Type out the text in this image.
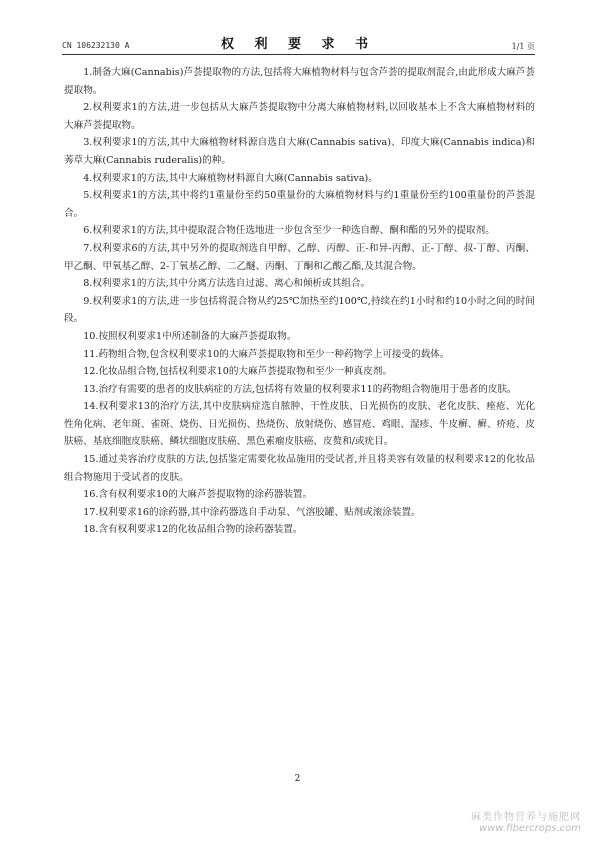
CN 106232130 A	权 利 要 求 书	1/1 页

1.制备大麻(Cannabis)芦荟提取物的方法,包括将大麻植物材料与包含芦荟的提取剂混合,由此形成大麻芦荟提取物。

2.权利要求1的方法,进一步包括从大麻芦荟提取物中分离大麻植物材料,以回收基本上不含大麻植物材料的大麻芦荟提取物。

3.权利要求1的方法,其中大麻植物材料源自选自大麻(Cannabis sativa)、印度大麻(Cannabis indica)和莠草大麻(Cannabis ruderalis)的种。

4.权利要求1的方法,其中大麻植物材料源自大麻(Cannabis sativa)。

5.权利要求1的方法,其中将约1重量份至约50重量份的大麻植物材料与约1重量份至约100重量份的芦荟混合。

6.权利要求1的方法,其中提取混合物任选地进一步包含至少一种选自醇、酮和酯的另外的提取剂。

7.权利要求6的方法,其中另外的提取剂选自甲醇、乙醇、丙醇、正-和异-丙醇、正-丁醇、叔-丁醇、丙酮、甲乙酮、甲氧基乙醇、2-丁氧基乙醇、二乙醚、丙酮、丁酮和乙酸乙酯,及其混合物。

8.权利要求1的方法,其中分离方法选自过滤、离心和倾析或其组合。

9.权利要求1的方法,进一步包括将混合物从约25℃加热至约100℃,持续在约1小时和约10小时之间的时间段。

10.按照权利要求1中所述制备的大麻芦荟提取物。

11.药物组合物,包含权利要求10的大麻芦荟提取物和至少一种药物学上可接受的载体。

12.化妆品组合物,包括权利要求10的大麻芦荟提取物和至少一种真皮剂。

13.治疗有需要的患者的皮肤病症的方法,包括将有效量的权利要求11的药物组合物施用于患者的皮肤。

14.权利要求13的治疗方法,其中皮肤病症选自脓肿、干性皮肤、日光损伤的皮肤、老化皮肤、痤疮、光化性角化病、老年斑、雀斑、烧伤、日光损伤、热烧伤、放射烧伤、感冒疮、鸡眼、湿疹、牛皮癣、癣、疥疮、皮肤癌、基底细胞皮肤癌、鳞状细胞皮肤癌、黑色素瘤皮肤癌、皮赘和/或疣目。

15.通过美容治疗皮肤的方法,包括鉴定需要化妆品施用的受试者,并且将美容有效量的权利要求12的化妆品组合物施用于受试者的皮肤。

16.含有权利要求10的大麻芦荟提取物的涂药器装置。

17.权利要求16的涂药器,其中涂药器选自手动泵、气溶胶罐、贴剂或滚涂装置。

18.含有权利要求12的化妆品组合物的涂药器装置。

2
麻类作物营养与施肥网
www.fibercrops.com
